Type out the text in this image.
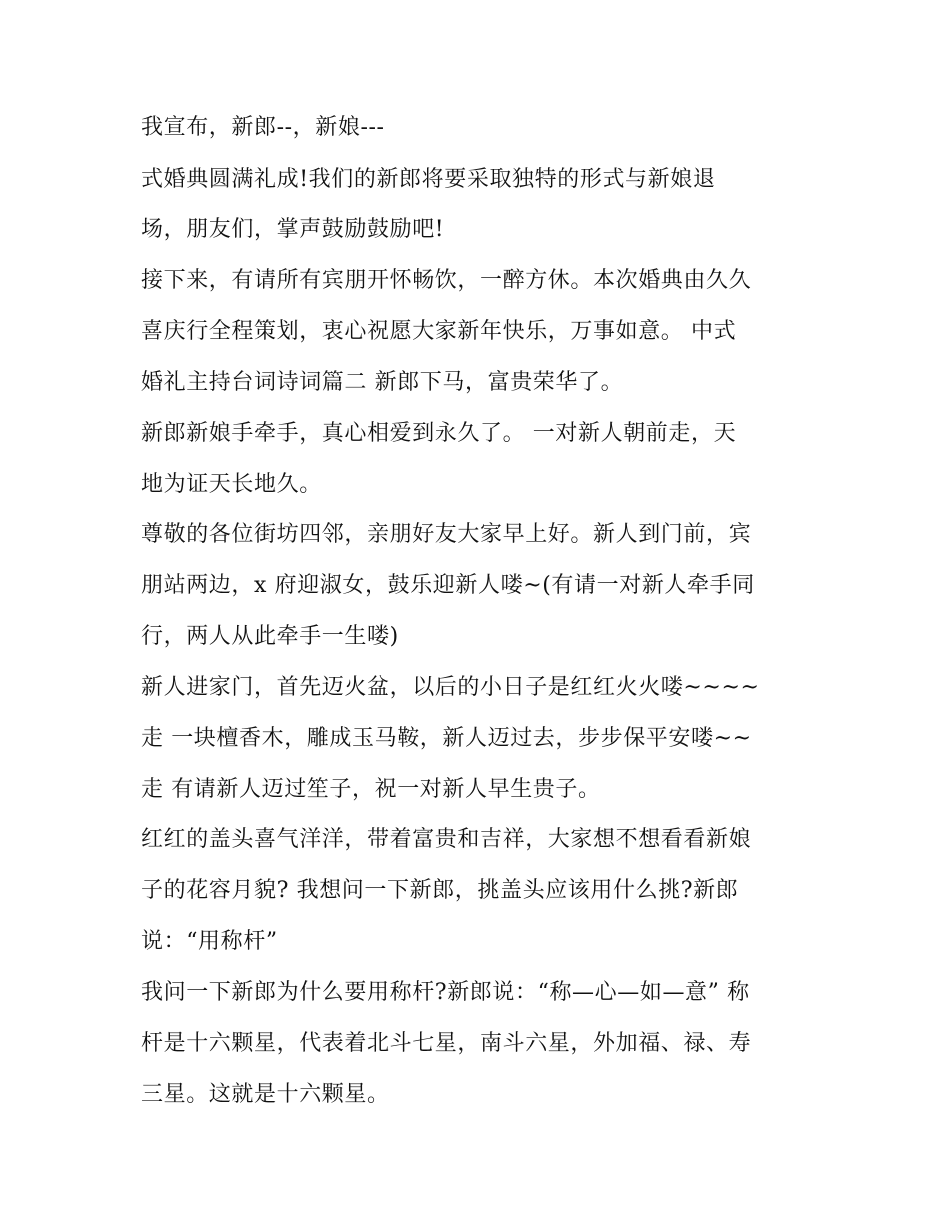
我宣布，新郎--，新娘---
式婚典圆满礼成!我们的新郎将要采取独特的形式与新娘退
场，朋友们，掌声鼓励鼓励吧!
接下来，有请所有宾朋开怀畅饮，一醉方休。本次婚典由久久
喜庆行全程策划，衷心祝愿大家新年快乐，万事如意。 中式
婚礼主持台词诗词篇二 新郎下马，富贵荣华了。
新郎新娘手牵手，真心相爱到永久了。 一对新人朝前走，天
地为证天长地久。
尊敬的各位街坊四邻，亲朋好友大家早上好。新人到门前，宾
朋站两边，x 府迎淑女，鼓乐迎新人喽~(有请一对新人牵手同
行，两人从此牵手一生喽)
新人进家门，首先迈火盆，以后的小日子是红红火火喽~~~~
走 一块檀香木，雕成玉马鞍，新人迈过去，步步保平安喽~~
走 有请新人迈过笙子，祝一对新人早生贵子。
红红的盖头喜气洋洋，带着富贵和吉祥，大家想不想看看新娘
子的花容月貌? 我想问一下新郎，挑盖头应该用什么挑?新郎
说：“用称杆”
我问一下新郎为什么要用称杆?新郎说：“称—心—如—意” 称
杆是十六颗星，代表着北斗七星，南斗六星，外加福、禄、寿
三星。这就是十六颗星。
